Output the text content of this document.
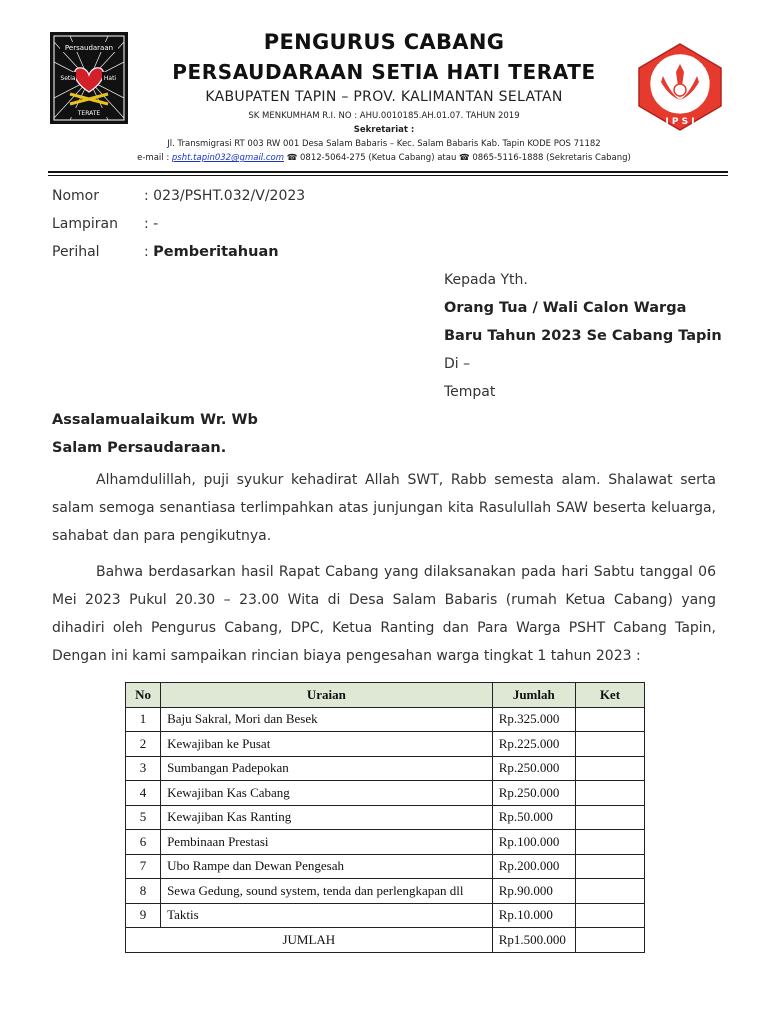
Persaudaraan
Setia	Hati
TERATE
KATAN PENCAK SILAT INDONESI
I P S I
PENGURUS CABANG
PERSAUDARAAN SETIA HATI TERATE
KABUPATEN TAPIN – PROV. KALIMANTAN SELATAN
SK MENKUMHAM R.I. NO : AHU.0010185.AH.01.07. TAHUN 2019
Sekretariat :
Jl. Transmigrasi RT 003 RW 001 Desa Salam Babaris – Kec. Salam Babaris Kab. Tapin KODE POS 71182
e-mail : psht.tapin032@gmail.com ☎ 0812-5064-275 (Ketua Cabang) atau ☎ 0865-5116-1888 (Sekretaris Cabang)
Nomor	: 023/PSHT.032/V/2023
Lampiran : -
Perihal	: Pemberitahuan
Kepada Yth.
Orang Tua / Wali Calon Warga
Baru Tahun 2023 Se Cabang Tapin
Di –
Tempat
Assalamualaikum Wr. Wb
Salam Persaudaraan.
Alhamdulillah, puji syukur kehadirat Allah SWT, Rabb semesta alam. Shalawat serta salam semoga senantiasa terlimpahkan atas junjungan kita Rasulullah SAW beserta keluarga, sahabat dan para pengikutnya.
Bahwa berdasarkan hasil Rapat Cabang yang dilaksanakan pada hari Sabtu tanggal 06 Mei 2023 Pukul 20.30 – 23.00 Wita di Desa Salam Babaris (rumah Ketua Cabang) yang dihadiri oleh Pengurus Cabang, DPC, Ketua Ranting dan Para Warga PSHT Cabang Tapin, Dengan ini kami sampaikan rincian biaya pengesahan warga tingkat 1 tahun 2023 :
No	Uraian	Jumlah	Ket
1	Baju Sakral, Mori dan Besek	Rp.325.000	
2	Kewajiban ke Pusat	Rp.225.000	
3	Sumbangan Padepokan	Rp.250.000	
4	Kewajiban Kas Cabang	Rp.250.000	
5	Kewajiban Kas Ranting	Rp.50.000	
6	Pembinaan Prestasi	Rp.100.000	
7	Ubo Rampe dan Dewan Pengesah	Rp.200.000	
8	Sewa Gedung, sound system, tenda dan perlengkapan dll	Rp.90.000	
9	Taktis	Rp.10.000	
JUMLAH		Rp1.500.000	
